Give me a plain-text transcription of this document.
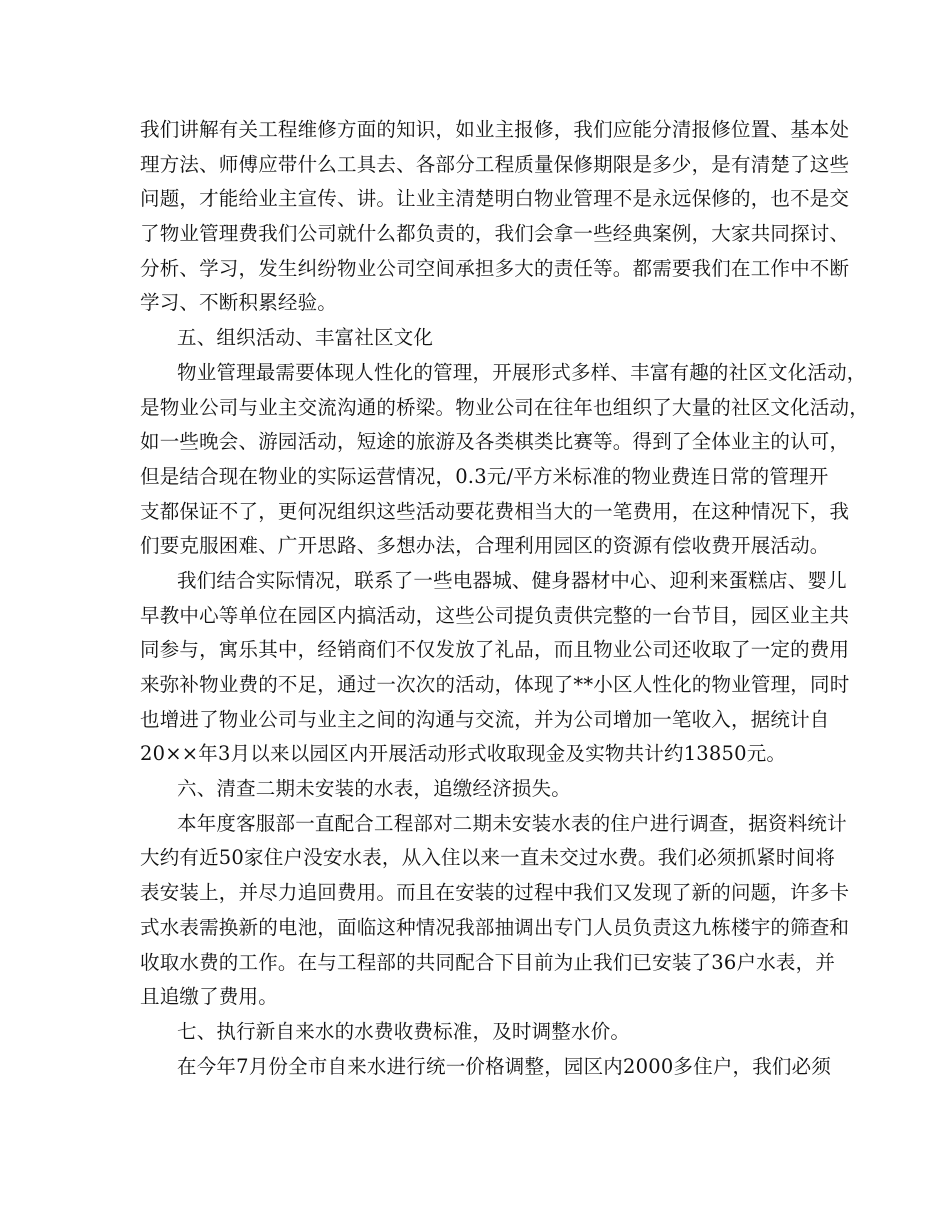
我们讲解有关工程维修方面的知识，如业主报修，我们应能分清报修位置、基本处
理方法、师傅应带什么工具去、各部分工程质量保修期限是多少，是有清楚了这些
问题，才能给业主宣传、讲。让业主清楚明白物业管理不是永远保修的，也不是交
了物业管理费我们公司就什么都负责的，我们会拿一些经典案例，大家共同探讨、
分析、学习，发生纠纷物业公司空间承担多大的责任等。都需要我们在工作中不断
学习、不断积累经验。
五、组织活动、丰富社区文化
物业管理最需要体现人性化的管理，开展形式多样、丰富有趣的社区文化活动，
是物业公司与业主交流沟通的桥梁。物业公司在往年也组织了大量的社区文化活动，
如一些晚会、游园活动，短途的旅游及各类棋类比赛等。得到了全体业主的认可，
但是结合现在物业的实际运营情况，0.3元/平方米标准的物业费连日常的管理开
支都保证不了，更何况组织这些活动要花费相当大的一笔费用，在这种情况下，我
们要克服困难、广开思路、多想办法，合理利用园区的资源有偿收费开展活动。
我们结合实际情况，联系了一些电器城、健身器材中心、迎利来蛋糕店、婴儿
早教中心等单位在园区内搞活动，这些公司提负责供完整的一台节目，园区业主共
同参与，寓乐其中，经销商们不仅发放了礼品，而且物业公司还收取了一定的费用
来弥补物业费的不足，通过一次次的活动，体现了**小区人性化的物业管理，同时
也增进了物业公司与业主之间的沟通与交流，并为公司增加一笔收入，据统计自
20××年3月以来以园区内开展活动形式收取现金及实物共计约13850元。
六、清查二期未安装的水表，追缴经济损失。
本年度客服部一直配合工程部对二期未安装水表的住户进行调查，据资料统计
大约有近50家住户没安水表，从入住以来一直未交过水费。我们必须抓紧时间将
表安装上，并尽力追回费用。而且在安装的过程中我们又发现了新的问题，许多卡
式水表需换新的电池，面临这种情况我部抽调出专门人员负责这九栋楼宇的筛查和
收取水费的工作。在与工程部的共同配合下目前为止我们已安装了36户水表，并
且追缴了费用。
七、执行新自来水的水费收费标准，及时调整水价。
在今年7月份全市自来水进行统一价格调整，园区内2000多住户，我们必须
